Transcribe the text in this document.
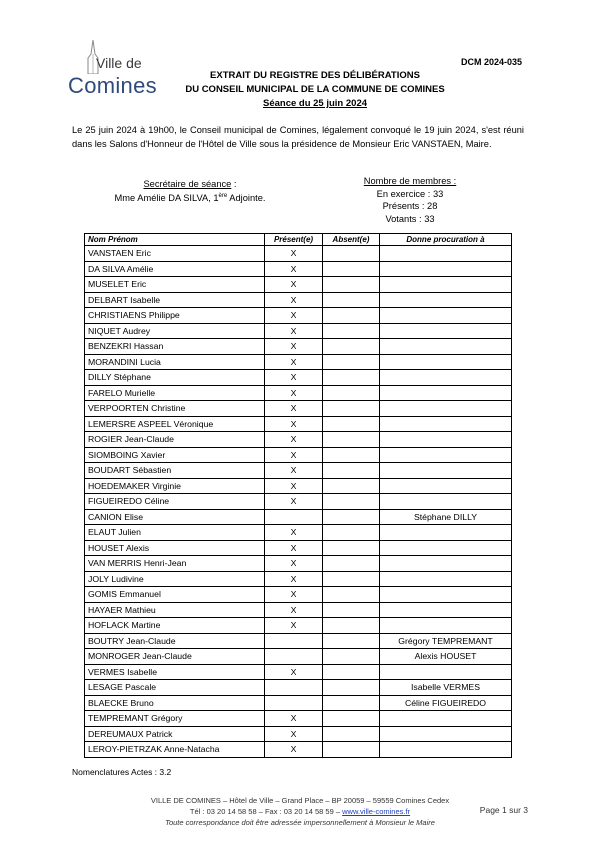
Ville de
Comines
DCM 2024-035
EXTRAIT DU REGISTRE DES DÉLIBÉRATIONS
DU CONSEIL MUNICIPAL DE LA COMMUNE DE COMINES
Séance du 25 juin 2024
Le 25 juin 2024 à 19h00, le Conseil municipal de Comines, légalement convoqué le 19 juin 2024, s'est réuni dans les Salons d'Honneur de l'Hôtel de Ville sous la présidence de Monsieur Eric VANSTAEN, Maire.
Secrétaire de séance :
Mme Amélie DA SILVA, 1ère Adjointe.
Nombre de membres :
En exercice : 33
Présents : 28
Votants : 33
Nom Prénom	Présent(e)	Absent(e)	Donne procuration à
VANSTAEN Eric	X		
DA SILVA Amélie	X		
MUSELET Eric	X		
DELBART Isabelle	X		
CHRISTIAENS Philippe	X		
NIQUET Audrey	X		
BENZEKRI Hassan	X		
MORANDINI Lucia	X		
DILLY Stéphane	X		
FARELO Murielle	X		
VERPOORTEN Christine	X		
LEMERSRE ASPEEL Véronique	X		
ROGIER Jean-Claude	X		
SIOMBOING Xavier	X		
BOUDART Sébastien	X		
HOEDEMAKER Virginie	X		
FIGUEIREDO Céline	X		
CANION Elise			Stéphane DILLY
ELAUT Julien	X		
HOUSET Alexis	X		
VAN MERRIS Henri-Jean	X		
JOLY Ludivine	X		
GOMIS Emmanuel	X		
HAYAER Mathieu	X		
HOFLACK Martine	X		
BOUTRY Jean-Claude			Grégory TEMPREMANT
MONROGER Jean-Claude			Alexis HOUSET
VERMES Isabelle	X		
LESAGE Pascale			Isabelle VERMES
BLAECKE Bruno			Céline FIGUEIREDO
TEMPREMANT Grégory	X		
DEREUMAUX Patrick	X		
LEROY-PIETRZAK Anne-Natacha	X		
Nomenclatures Actes : 3.2
VILLE DE COMINES – Hôtel de Ville – Grand Place – BP 20059 – 59559 Comines Cedex
Tél : 03 20 14 58 58 – Fax : 03 20 14 58 59 – www.ville-comines.fr
Toute correspondance doit être adressée impersonnellement à Monsieur le Maire
Page 1 sur 3
